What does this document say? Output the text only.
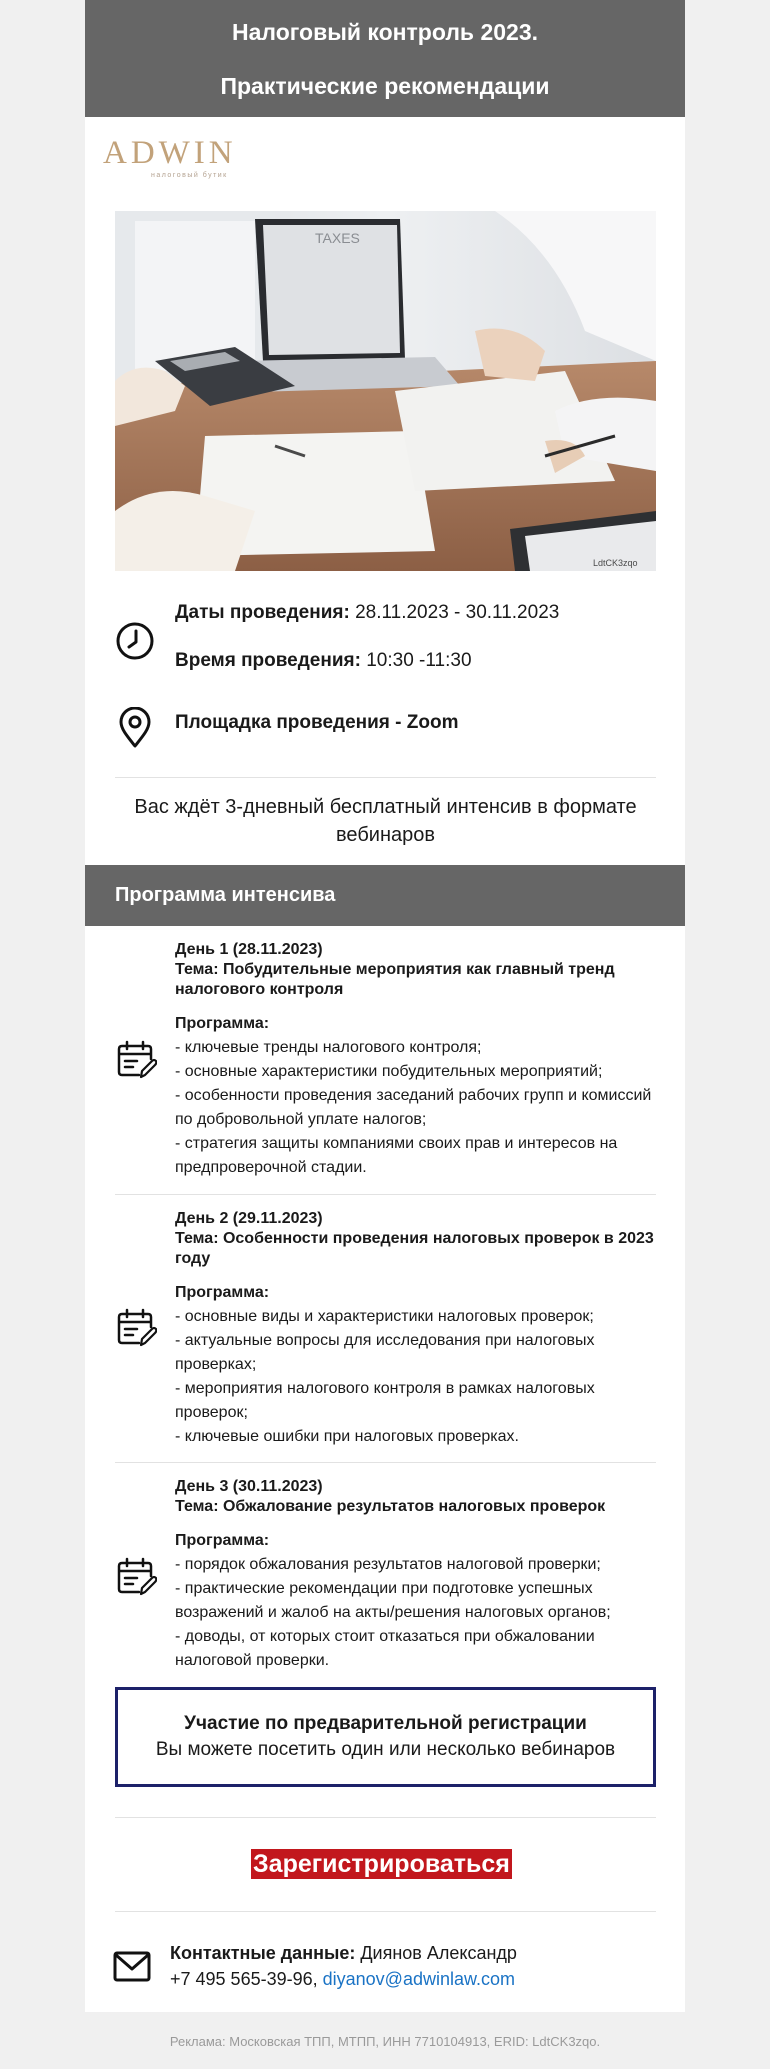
Налоговый контроль 2023.
Практические рекомендации
ADWIN
налоговый бутик
TAXES
LdtCK3zqo
Даты проведения: 28.11.2023 - 30.11.2023
Время проведения: 10:30 -11:30
Площадка проведения - Zoom
Вас ждёт 3-дневный бесплатный интенсив в формате вебинаров
Программа интенсива
День 1 (28.11.2023)
Тема: Побудительные мероприятия как главный тренд налогового контроля
Программа:
- ключевые тренды налогового контроля;
- основные характеристики побудительных мероприятий;
- особенности проведения заседаний рабочих групп и комиссий по добровольной уплате налогов;
- стратегия защиты компаниями своих прав и интересов на предпроверочной стадии.
День 2 (29.11.2023)
Тема: Особенности проведения налоговых проверок в 2023 году
Программа:
- основные виды и характеристики налоговых проверок;
- актуальные вопросы для исследования при налоговых проверках;
- мероприятия налогового контроля в рамках налоговых проверок;
- ключевые ошибки при налоговых проверках.
День 3 (30.11.2023)
Тема: Обжалование результатов налоговых проверок
Программа:
- порядок обжалования результатов налоговой проверки;
- практические рекомендации при подготовке успешных возражений и жалоб на акты/решения налоговых органов;
- доводы, от которых стоит отказаться при обжаловании налоговой проверки.
Участие по предварительной регистрации
Вы можете посетить один или несколько вебинаров
Зарегистрироваться
Контактные данные: Диянов Александр
+7 495 565-39-96, diyanov@adwinlaw.com
Реклама: Московская ТПП, МТПП, ИНН 7710104913, ERID: LdtCK3zqo.
